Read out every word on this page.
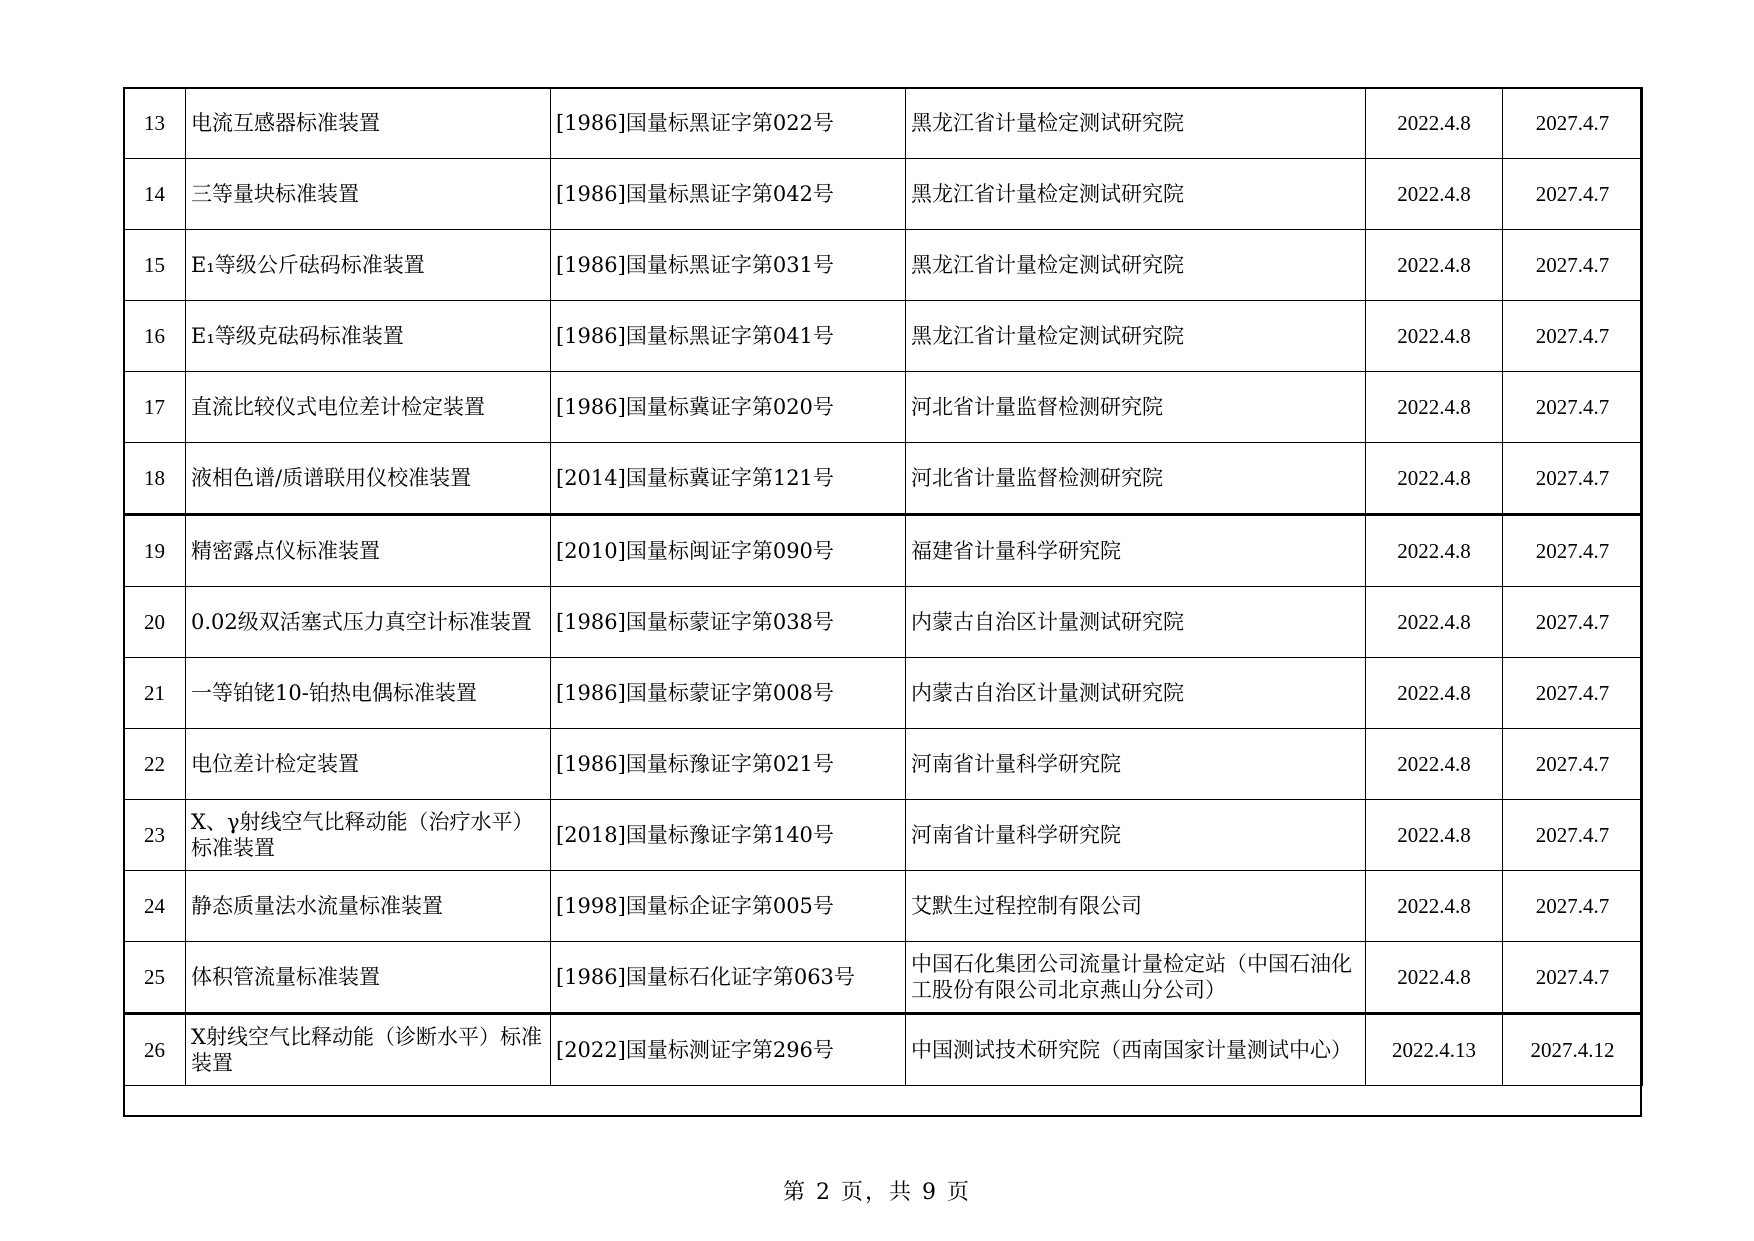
13	电流互感器标准装置	[1986]国量标黑证字第022号	黑龙江省计量检定测试研究院	2022.4.8	2027.4.7
14	三等量块标准装置	[1986]国量标黑证字第042号	黑龙江省计量检定测试研究院	2022.4.8	2027.4.7
15	E₁等级公斤砝码标准装置	[1986]国量标黑证字第031号	黑龙江省计量检定测试研究院	2022.4.8	2027.4.7
16	E₁等级克砝码标准装置	[1986]国量标黑证字第041号	黑龙江省计量检定测试研究院	2022.4.8	2027.4.7
17	直流比较仪式电位差计检定装置	[1986]国量标冀证字第020号	河北省计量监督检测研究院	2022.4.8	2027.4.7
18	液相色谱/质谱联用仪校准装置	[2014]国量标冀证字第121号	河北省计量监督检测研究院	2022.4.8	2027.4.7
19	精密露点仪标准装置	[2010]国量标闽证字第090号	福建省计量科学研究院	2022.4.8	2027.4.7
20	0.02级双活塞式压力真空计标准装置	[1986]国量标蒙证字第038号	内蒙古自治区计量测试研究院	2022.4.8	2027.4.7
21	一等铂铑10-铂热电偶标准装置	[1986]国量标蒙证字第008号	内蒙古自治区计量测试研究院	2022.4.8	2027.4.7
22	电位差计检定装置	[1986]国量标豫证字第021号	河南省计量科学研究院	2022.4.8	2027.4.7
23	X、γ射线空气比释动能（治疗水平）标准装置	[2018]国量标豫证字第140号	河南省计量科学研究院	2022.4.8	2027.4.7
24	静态质量法水流量标准装置	[1998]国量标企证字第005号	艾默生过程控制有限公司	2022.4.8	2027.4.7
25	体积管流量标准装置	[1986]国量标石化证字第063号	中国石化集团公司流量计量检定站（中国石油化工股份有限公司北京燕山分公司）	2022.4.8	2027.4.7
26	X射线空气比释动能（诊断水平）标准装置	[2022]国量标测证字第296号	中国测试技术研究院（西南国家计量测试中心）	2022.4.13	2027.4.12
第 2 页，共 9 页
